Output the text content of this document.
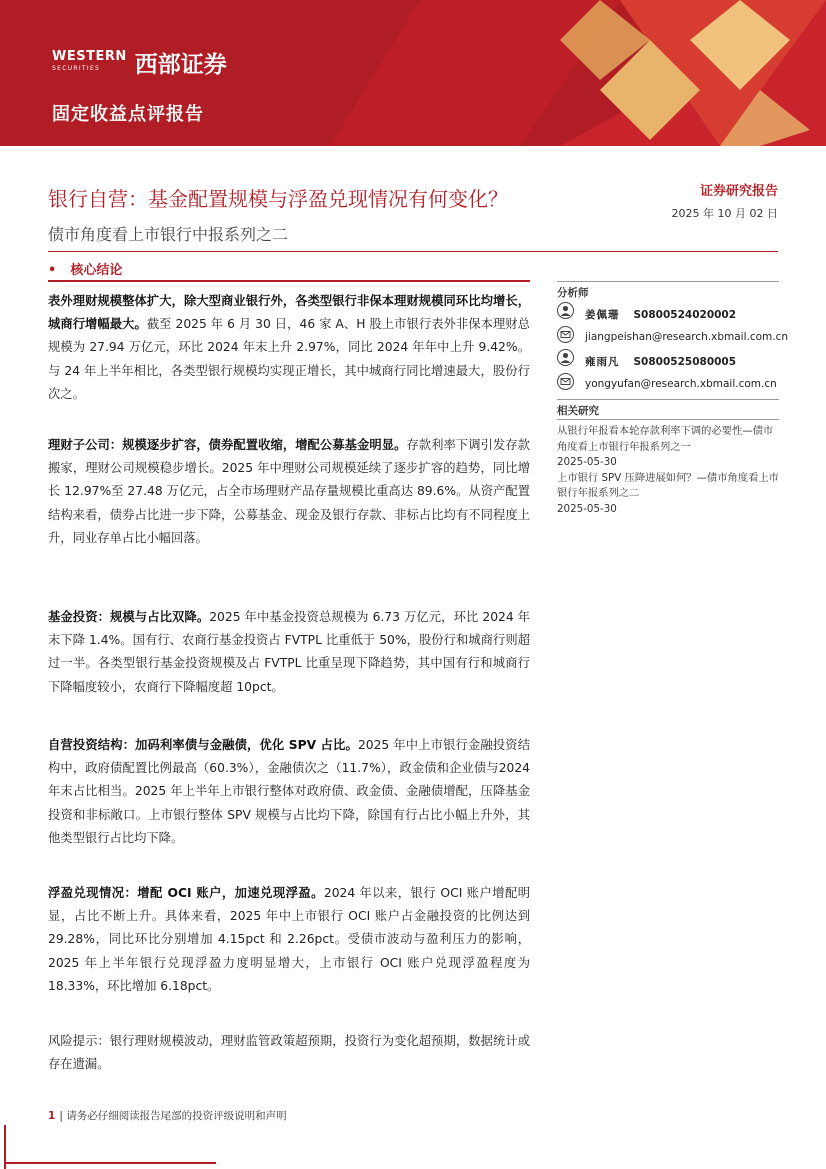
WESTERN
SECURITIES	西部证券
固定收益点评报告
银行自营：基金配置规模与浮盈兑现情况有何变化？
债市角度看上市银行中报系列之二
证券研究报告
2025 年 10 月 02 日
• 核心结论

表外理财规模整体扩大，除大型商业银行外，各类型银行非保本理财规模同环比均增长，城商行增幅最大。截至 2025 年 6 月 30 日，46 家 A、H 股上市银行表外非保本理财总规模为 27.94 万亿元，环比 2024 年末上升 2.97%，同比 2024 年年中上升 9.42%。与 24 年上半年相比，各类型银行规模均实现正增长，其中城商行同比增速最大，股份行次之。

理财子公司：规模逐步扩容，债券配置收缩，增配公募基金明显。存款利率下调引发存款搬家，理财公司规模稳步增长。2025 年中理财公司规模延续了逐步扩容的趋势，同比增长 12.97%至 27.48 万亿元，占全市场理财产品存量规模比重高达 89.6%。从资产配置结构来看，债券占比进一步下降，公募基金、现金及银行存款、非标占比均有不同程度上升，同业存单占比小幅回落。

基金投资：规模与占比双降。2025 年中基金投资总规模为 6.73 万亿元，环比 2024 年末下降 1.4%。国有行、农商行基金投资占 FVTPL 比重低于 50%，股份行和城商行则超过一半。各类型银行基金投资规模及占 FVTPL 比重呈现下降趋势，其中国有行和城商行下降幅度较小，农商行下降幅度超 10pct。

自营投资结构：加码利率债与金融债，优化 SPV 占比。2025 年中上市银行金融投资结构中，政府债配置比例最高（60.3%），金融债次之（11.7%），政金债和企业债与2024 年末占比相当。2025 年上半年上市银行整体对政府债、政金债、金融债增配，压降基金投资和非标敞口。上市银行整体 SPV 规模与占比均下降，除国有行占比小幅上升外，其他类型银行占比均下降。

浮盈兑现情况：增配 OCI 账户，加速兑现浮盈。2024 年以来，银行 OCI 账户增配明显，占比不断上升。具体来看，2025 年中上市银行 OCI 账户占金融投资的比例达到 29.28%，同比环比分别增加 4.15pct 和 2.26pct。受债市波动与盈利压力的影响，2025 年上半年银行兑现浮盈力度明显增大，上市银行 OCI 账户兑现浮盈程度为 18.33%，环比增加 6.18pct。

风险提示：银行理财规模波动，理财监管政策超预期，投资行为变化超预期，数据统计或存在遗漏。

分析师
姜佩珊 S0800524020002
jiangpeishan@research.xbmail.com.cn
雍雨凡 S0800525080005
yongyufan@research.xbmail.com.cn
相关研究

从银行年报看本轮存款利率下调的必要性—债市角度看上市银行年报系列之一
2025-05-30
上市银行 SPV 压降进展如何？—债市角度看上市银行年报系列之二
2025-05-30

1 | 请务必仔细阅读报告尾部的投资评级说明和声明
